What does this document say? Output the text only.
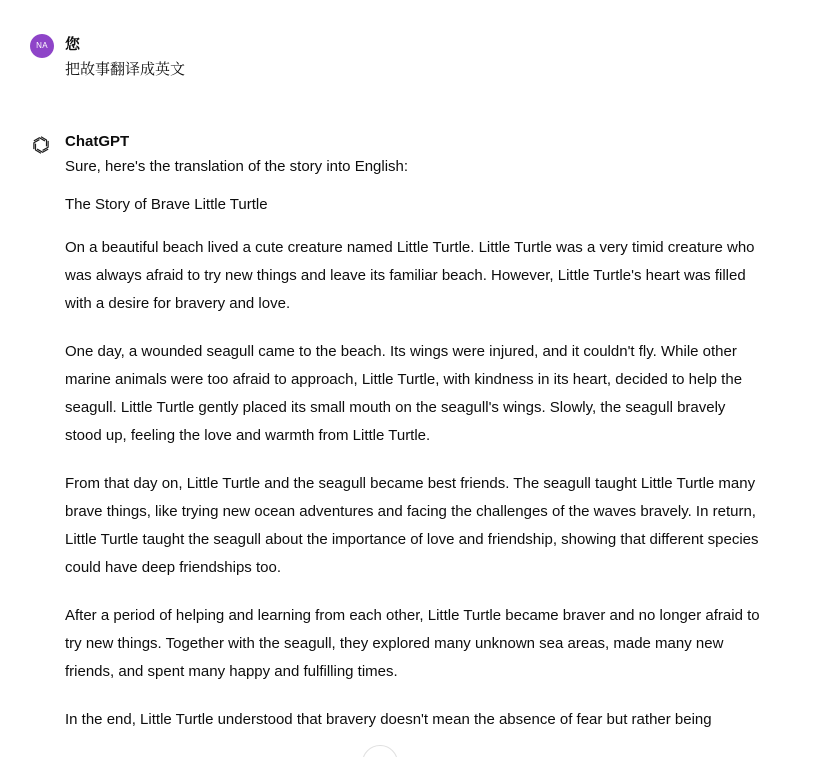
NA	您
把故事翻译成英文
ChatGPT

Sure, here's the translation of the story into English:

The Story of Brave Little Turtle

On a beautiful beach lived a cute creature named Little Turtle. Little Turtle was a very timid creature who was always afraid to try new things and leave its familiar beach. However, Little Turtle's heart was filled with a desire for bravery and love.

One day, a wounded seagull came to the beach. Its wings were injured, and it couldn't fly. While other marine animals were too afraid to approach, Little Turtle, with kindness in its heart, decided to help the seagull. Little Turtle gently placed its small mouth on the seagull's wings. Slowly, the seagull bravely stood up, feeling the love and warmth from Little Turtle.

From that day on, Little Turtle and the seagull became best friends. The seagull taught Little Turtle many brave things, like trying new ocean adventures and facing the challenges of the waves bravely. In return, Little Turtle taught the seagull about the importance of love and friendship, showing that different species could have deep friendships too.

After a period of helping and learning from each other, Little Turtle became braver and no longer afraid to try new things. Together with the seagull, they explored many unknown sea areas, made many new friends, and spent many happy and fulfilling times.

In the end, Little Turtle understood that bravery doesn't mean the absence of fear but rather being
